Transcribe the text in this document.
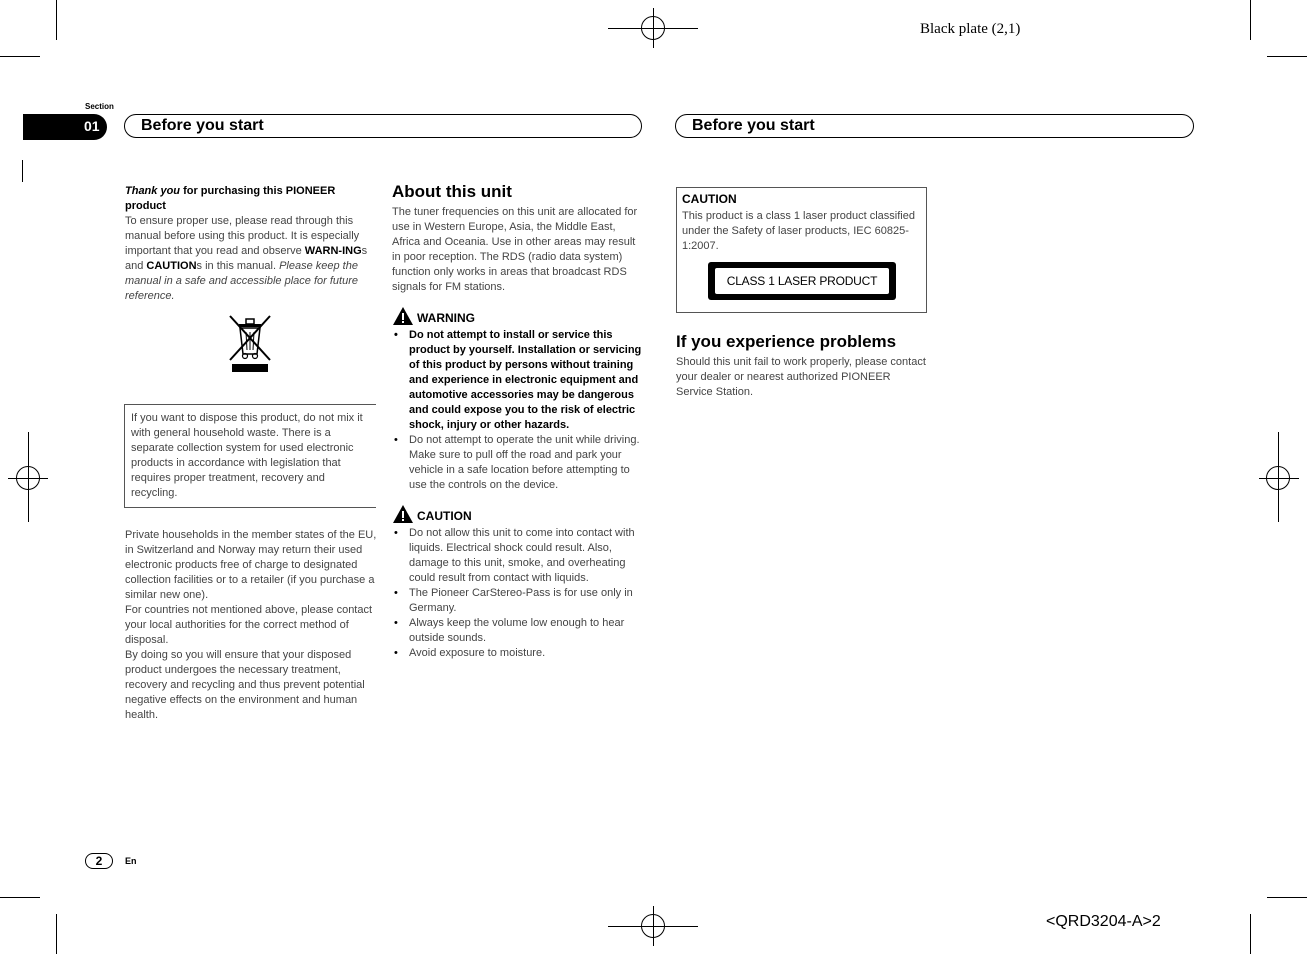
Black plate (2,1)
Section
01	Before you start	Before you start

Thank you for purchasing this PIONEER product

To ensure proper use, please read through this manual before using this product. It is especially important that you read and observe WARN-INGs and CAUTIONs in this manual. Please keep the manual in a safe and accessible place for future reference.

If you want to dispose this product, do not mix it with general household waste. There is a separate collection system for used electronic products in accordance with legislation that requires proper treatment, recovery and recycling.

Private households in the member states of the EU, in Switzerland and Norway may return their used electronic products free of charge to designated collection facilities or to a retailer (if you purchase a similar new one).

For countries not mentioned above, please contact your local authorities for the correct method of disposal.

By doing so you will ensure that your disposed product undergoes the necessary treatment, recovery and recycling and thus prevent potential negative effects on the environment and human health.

About this unit

The tuner frequencies on this unit are allocated for use in Western Europe, Asia, the Middle East, Africa and Oceania. Use in other areas may result in poor reception. The RDS (radio data system) function only works in areas that broadcast RDS signals for FM stations.

WARNING
• Do not attempt to install or service this product by yourself. Installation or servicing of this product by persons without training and experience in electronic equipment and automotive accessories may be dangerous and could expose you to the risk of electric shock, injury or other hazards.
• Do not attempt to operate the unit while driving. Make sure to pull off the road and park your vehicle in a safe location before attempting to use the controls on the device.
CAUTION
• Do not allow this unit to come into contact with liquids. Electrical shock could result. Also, damage to this unit, smoke, and overheating could result from contact with liquids.
• The Pioneer CarStereo-Pass is for use only in Germany.
• Always keep the volume low enough to hear outside sounds.
• Avoid exposure to moisture.

CAUTION

This product is a class 1 laser product classified under the Safety of laser products, IEC 60825-1:2007.

CLASS 1 LASER PRODUCT
If you experience problems

Should this unit fail to work properly, please contact your dealer or nearest authorized PIONEER Service Station.

2	En
<QRD3204-A>2
